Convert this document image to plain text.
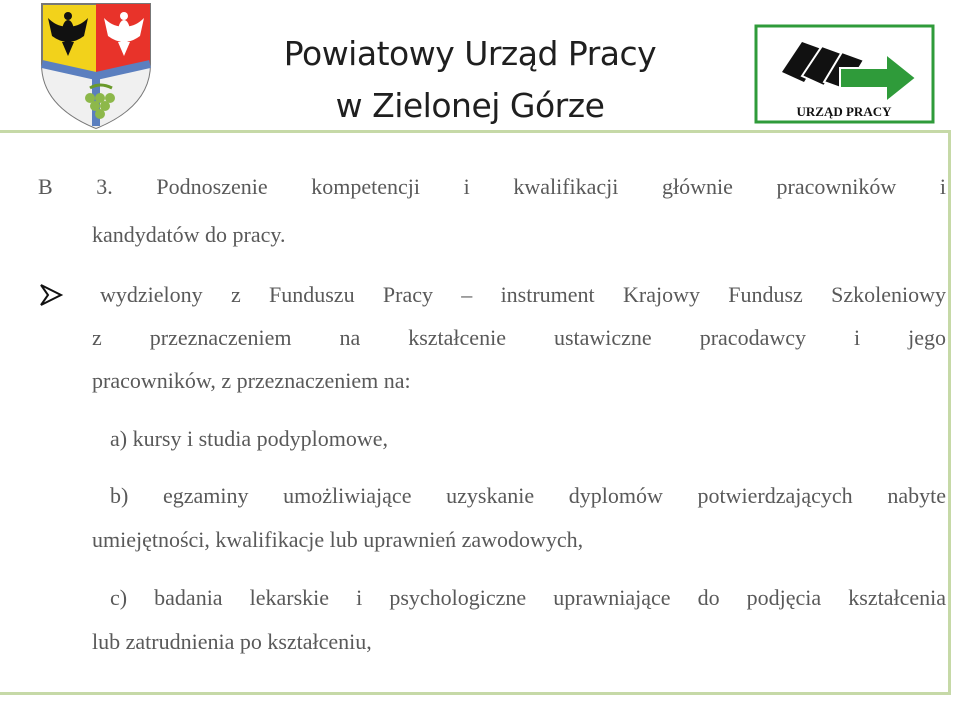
Powiatowy Urząd Pracy
w Zielonej Górze	URZĄD PRACY
B 3. Podnoszenie kompetencji i kwalifikacji głównie pracowników i
kandydatów do pracy.
wydzielony z Funduszu Pracy – instrument Krajowy Fundusz Szkoleniowy
z przeznaczeniem na kształcenie ustawiczne pracodawcy i jego
pracowników, z przeznaczeniem na:
a) kursy i studia podyplomowe,
b) egzaminy umożliwiające uzyskanie dyplomów potwierdzających nabyte
umiejętności, kwalifikacje lub uprawnień zawodowych,
c) badania lekarskie i psychologiczne uprawniające do podjęcia kształcenia
lub zatrudnienia po kształceniu,
